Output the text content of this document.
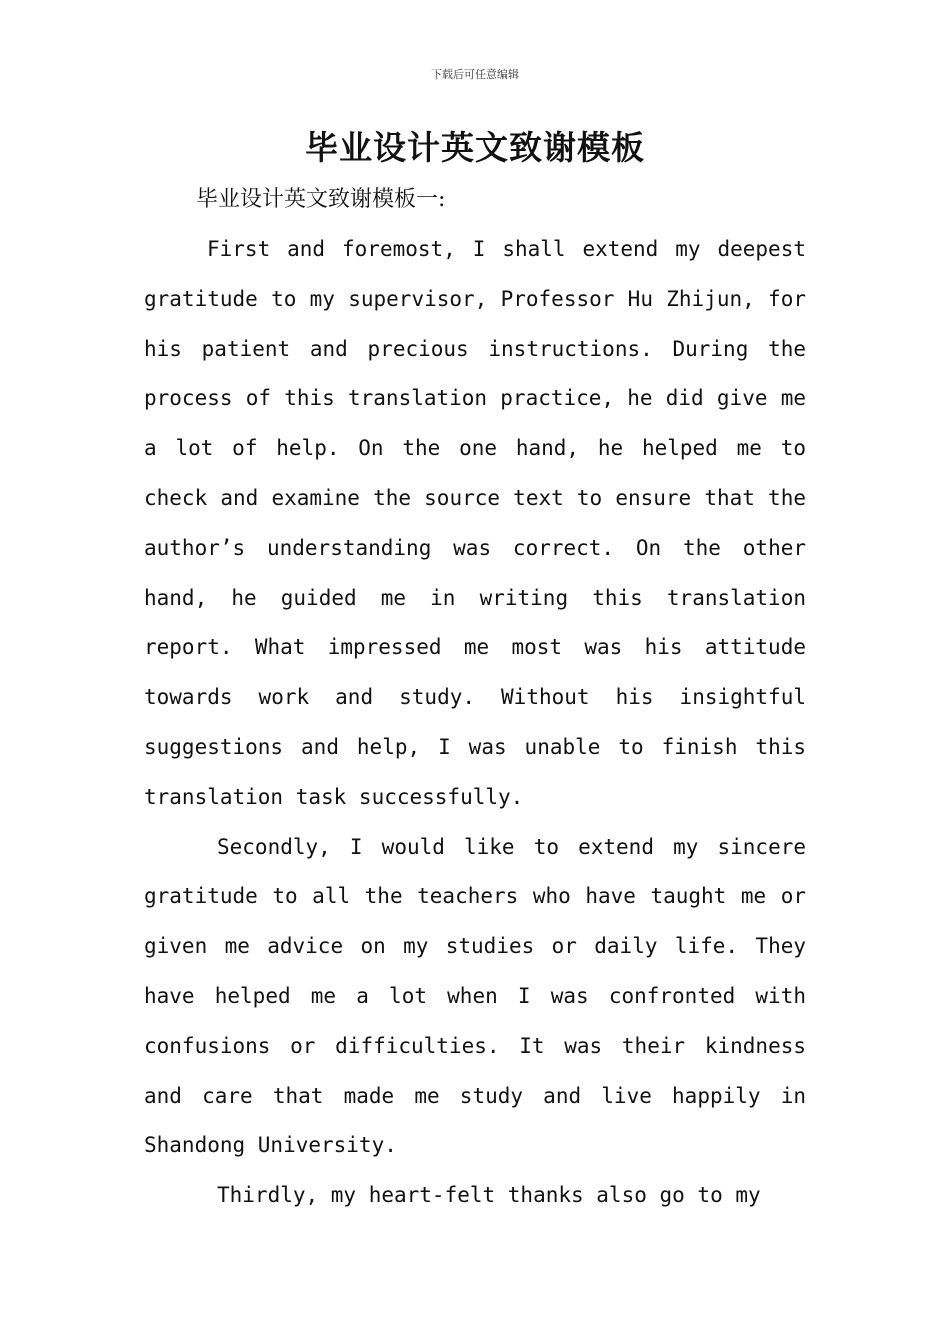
下载后可任意编辑

毕业设计英文致谢模板

毕业设计英文致谢模板一:

First and foremost, I shall extend my deepest gratitude to my supervisor, Professor Hu Zhijun, for his patient and precious instructions. During the process of this translation practice, he did give me a lot of help. On the one hand, he helped me to check and examine the source text to ensure that the author’s understanding was correct. On the other hand, he guided me in writing this translation report. What impressed me most was his attitude towards work and study. Without his insightful suggestions and help, I was unable to finish this translation task successfully.

Secondly, I would like to extend my sincere gratitude to all the teachers who have taught me or given me advice on my studies or daily life. They have helped me a lot when I was confronted with confusions or difficulties. It was their kindness and care that made me study and live happily in Shandong University.

Thirdly, my heart-felt thanks also go to my
